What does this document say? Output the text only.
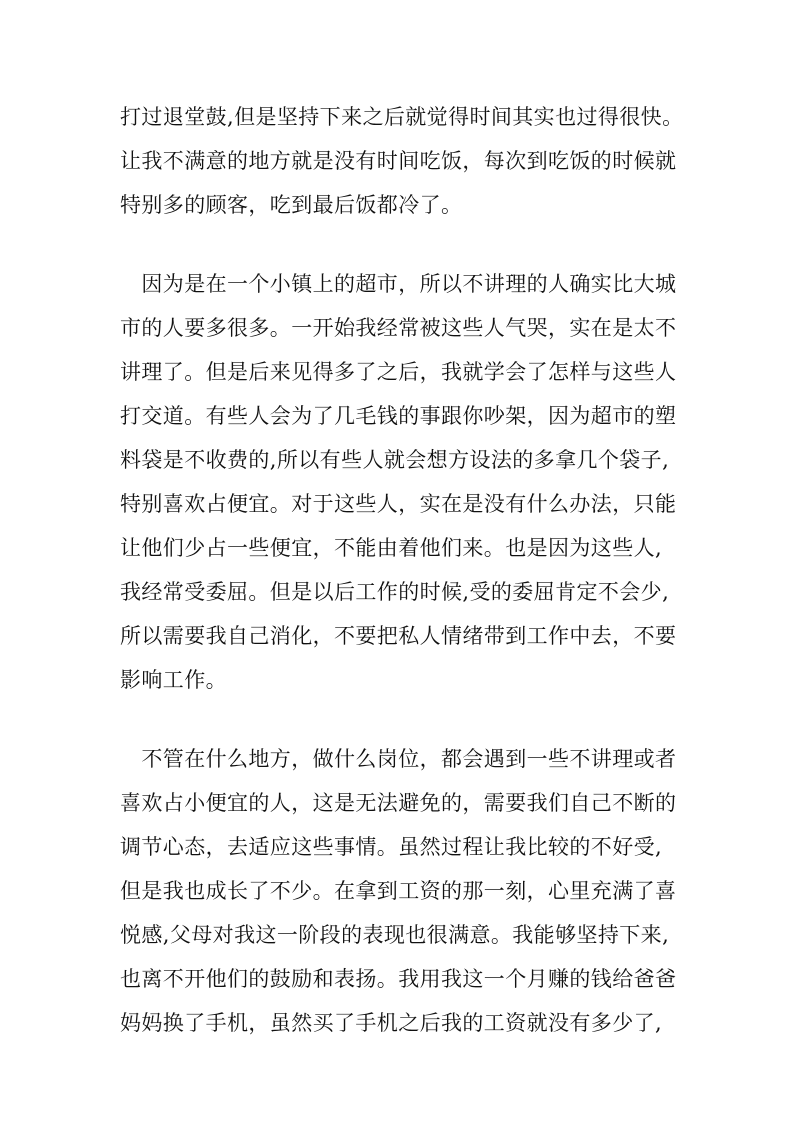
打过退堂鼓,但是坚持下来之后就觉得时间其实也过得很快。
让我不满意的地方就是没有时间吃饭，每次到吃饭的时候就
特别多的顾客，吃到最后饭都冷了。
　因为是在一个小镇上的超市，所以不讲理的人确实比大城
市的人要多很多。一开始我经常被这些人气哭，实在是太不
讲理了。但是后来见得多了之后，我就学会了怎样与这些人
打交道。有些人会为了几毛钱的事跟你吵架，因为超市的塑
料袋是不收费的,所以有些人就会想方设法的多拿几个袋子,
特别喜欢占便宜。对于这些人，实在是没有什么办法，只能
让他们少占一些便宜，不能由着他们来。也是因为这些人,
我经常受委屈。但是以后工作的时候,受的委屈肯定不会少,
所以需要我自己消化，不要把私人情绪带到工作中去，不要
影响工作。
　不管在什么地方，做什么岗位，都会遇到一些不讲理或者
喜欢占小便宜的人，这是无法避免的，需要我们自己不断的
调节心态，去适应这些事情。虽然过程让我比较的不好受,
但是我也成长了不少。在拿到工资的那一刻，心里充满了喜
悦感,父母对我这一阶段的表现也很满意。我能够坚持下来,
也离不开他们的鼓励和表扬。我用我这一个月赚的钱给爸爸
妈妈换了手机，虽然买了手机之后我的工资就没有多少了,
